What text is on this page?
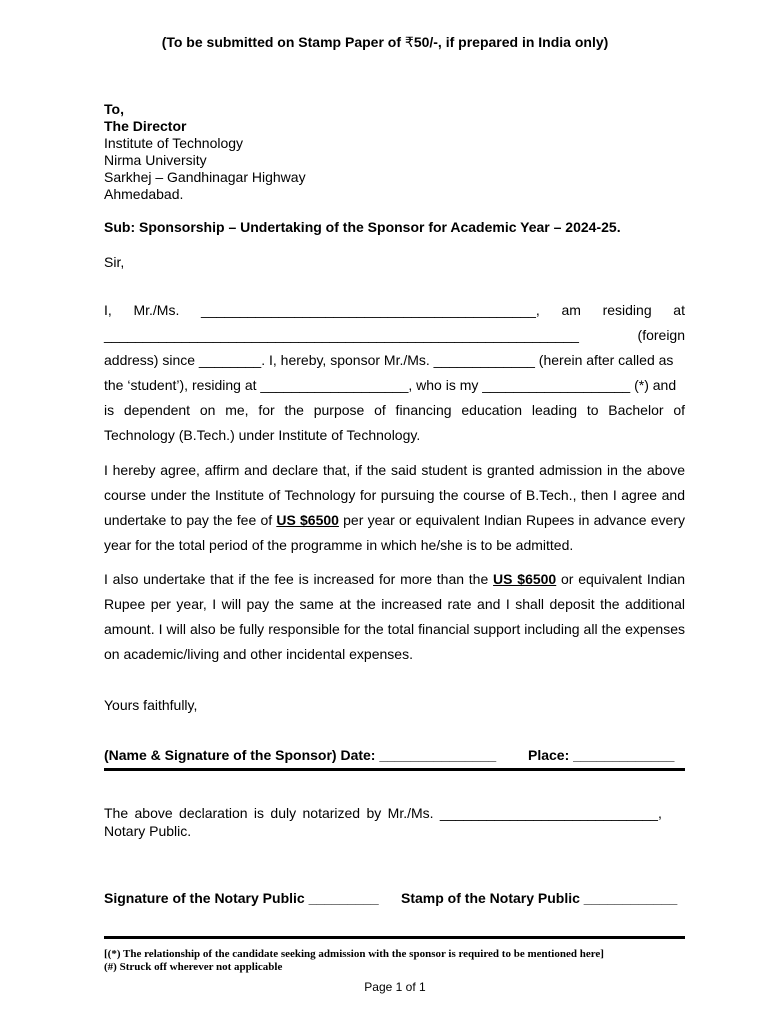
(To be submitted on Stamp Paper of ₹50/-, if prepared in India only)
To,
The Director
Institute of Technology
Nirma University
Sarkhej – Gandhinagar Highway
Ahmedabad.
Sub: Sponsorship – Undertaking of the Sponsor for Academic Year – 2024-25.
Sir,
I, Mr./Ms. ___________________________________________, am residing at
_____________________________________________________________	(foreign
address) since ________. I, hereby, sponsor Mr./Ms. _____________ (herein after called as
the ‘student’), residing at ___________________, who is my ___________________ (*) and
is dependent on me, for the purpose of financing education leading to Bachelor of
Technology (B.Tech.) under Institute of Technology.
I hereby agree, affirm and declare that, if the said student is granted admission in the above course under the Institute of Technology for pursuing the course of B.Tech., then I agree and undertake to pay the fee of US $6500 per year or equivalent Indian Rupees in advance every year for the total period of the programme in which he/she is to be admitted.
I also undertake that if the fee is increased for more than the US $6500 or equivalent Indian Rupee per year, I will pay the same at the increased rate and I shall deposit the additional amount. I will also be fully responsible for the total financial support including all the expenses on academic/living and other incidental expenses.
Yours faithfully,
(Name & Signature of the Sponsor) Date: _______________ Place: _____________
The above declaration is duly notarized by Mr./Ms. ____________________________,
Notary Public.
Signature of the Notary Public _________ Stamp of the Notary Public ____________
[(*) The relationship of the candidate seeking admission with the sponsor is required to be mentioned here]
(#) Struck off wherever not applicable
Page 1 of 1
